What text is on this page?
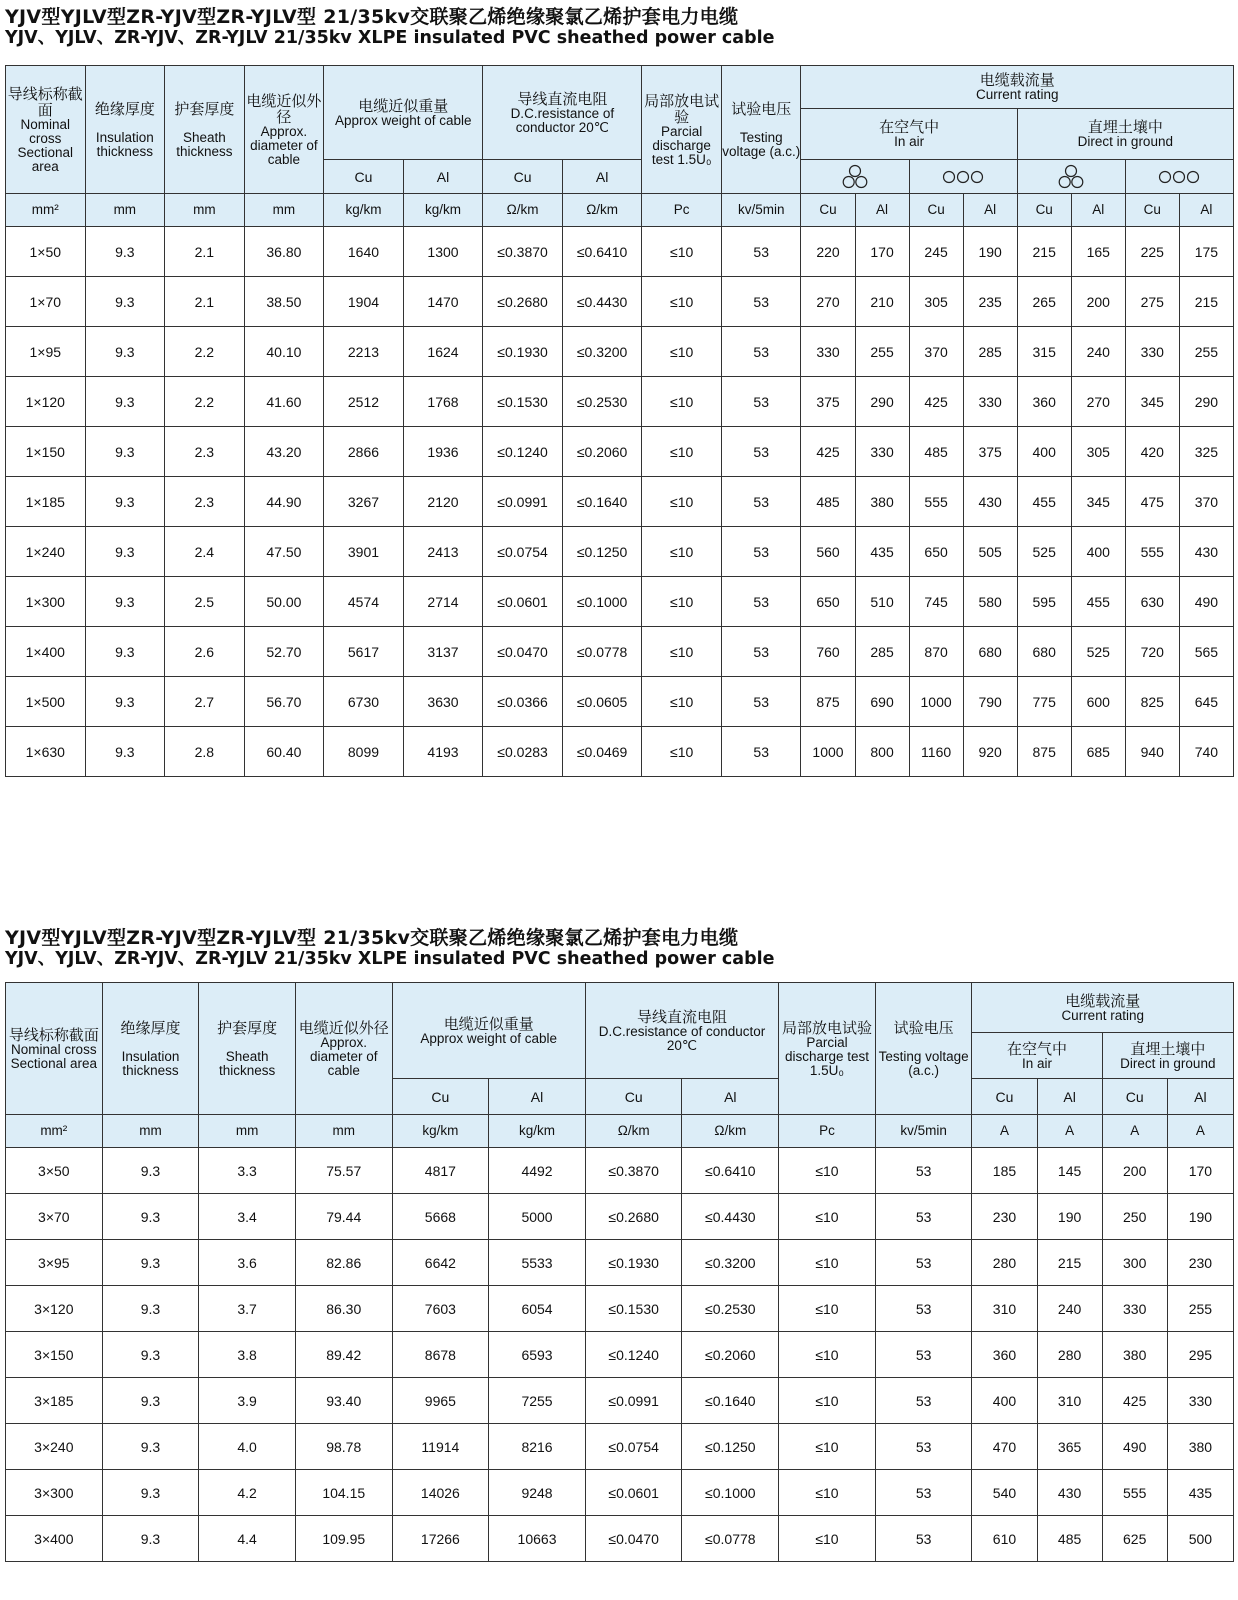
YJV型YJLV型ZR-YJV型ZR-YJLV型 21/35kv交联聚乙烯绝缘聚氯乙烯护套电力电缆
YJV、YJLV、ZR-YJV、ZR-YJLV 21/35kv XLPE insulated PVC sheathed power cable
导线标称截面
Nominal cross Sectional area	绝缘厚度

Insulation thickness	护套厚度

Sheath thickness	电缆近似外径
Approx. diameter of cable	电缆近似重量
Approx weight of cable		导线直流电阻
D.C.resistance of conductor 20℃		局部放电试验
Parcial discharge test 1.5U₀	试验电压

Testing voltage (a.c.)	电缆载流量
Current rating							

										在空气中
In air				直埋土壤中
Direct in ground			

				Cu	Al	Cu	Al				
mm²	mm	mm	mm	kg/km	kg/km	Ω/km	Ω/km	Pc	kv/5min	Cu	Al	Cu	Al	Cu	Al	Cu	Al
1×50	9.3	2.1	36.80	1640	1300	≤0.3870	≤0.6410	≤10	53	220	170	245	190	215	165	225	175
1×70	9.3	2.1	38.50	1904	1470	≤0.2680	≤0.4430	≤10	53	270	210	305	235	265	200	275	215
1×95	9.3	2.2	40.10	2213	1624	≤0.1930	≤0.3200	≤10	53	330	255	370	285	315	240	330	255
1×120	9.3	2.2	41.60	2512	1768	≤0.1530	≤0.2530	≤10	53	375	290	425	330	360	270	345	290
1×150	9.3	2.3	43.20	2866	1936	≤0.1240	≤0.2060	≤10	53	425	330	485	375	400	305	420	325
1×185	9.3	2.3	44.90	3267	2120	≤0.0991	≤0.1640	≤10	53	485	380	555	430	455	345	475	370
1×240	9.3	2.4	47.50	3901	2413	≤0.0754	≤0.1250	≤10	53	560	435	650	505	525	400	555	430
1×300	9.3	2.5	50.00	4574	2714	≤0.0601	≤0.1000	≤10	53	650	510	745	580	595	455	630	490
1×400	9.3	2.6	52.70	5617	3137	≤0.0470	≤0.0778	≤10	53	760	285	870	680	680	525	720	565
1×500	9.3	2.7	56.70	6730	3630	≤0.0366	≤0.0605	≤10	53	875	690	1000	790	775	600	825	645
1×630	9.3	2.8	60.40	8099	4193	≤0.0283	≤0.0469	≤10	53	1000	800	1160	920	875	685	940	740
YJV型YJLV型ZR-YJV型ZR-YJLV型 21/35kv交联聚乙烯绝缘聚氯乙烯护套电力电缆
YJV、YJLV、ZR-YJV、ZR-YJLV 21/35kv XLPE insulated PVC sheathed power cable
导线标称截面
Nominal cross Sectional area	绝缘厚度

Insulation thickness	护套厚度

Sheath thickness	电缆近似外径
Approx. diameter of cable	电缆近似重量
Approx weight of cable		导线直流电阻
D.C.resistance of conductor 20℃		局部放电试验
Parcial discharge test 1.5U₀	试验电压

Testing voltage (a.c.)	电缆载流量
Current rating			

										在空气中
In air		直埋土壤中
Direct in ground	

				Cu	Al	Cu	Al			Cu	Al	Cu	Al
mm²	mm	mm	mm	kg/km	kg/km	Ω/km	Ω/km	Pc	kv/5min	A	A	A	A
3×50	9.3	3.3	75.57	4817	4492	≤0.3870	≤0.6410	≤10	53	185	145	200	170
3×70	9.3	3.4	79.44	5668	5000	≤0.2680	≤0.4430	≤10	53	230	190	250	190
3×95	9.3	3.6	82.86	6642	5533	≤0.1930	≤0.3200	≤10	53	280	215	300	230
3×120	9.3	3.7	86.30	7603	6054	≤0.1530	≤0.2530	≤10	53	310	240	330	255
3×150	9.3	3.8	89.42	8678	6593	≤0.1240	≤0.2060	≤10	53	360	280	380	295
3×185	9.3	3.9	93.40	9965	7255	≤0.0991	≤0.1640	≤10	53	400	310	425	330
3×240	9.3	4.0	98.78	11914	8216	≤0.0754	≤0.1250	≤10	53	470	365	490	380
3×300	9.3	4.2	104.15	14026	9248	≤0.0601	≤0.1000	≤10	53	540	430	555	435
3×400	9.3	4.4	109.95	17266	10663	≤0.0470	≤0.0778	≤10	53	610	485	625	500
